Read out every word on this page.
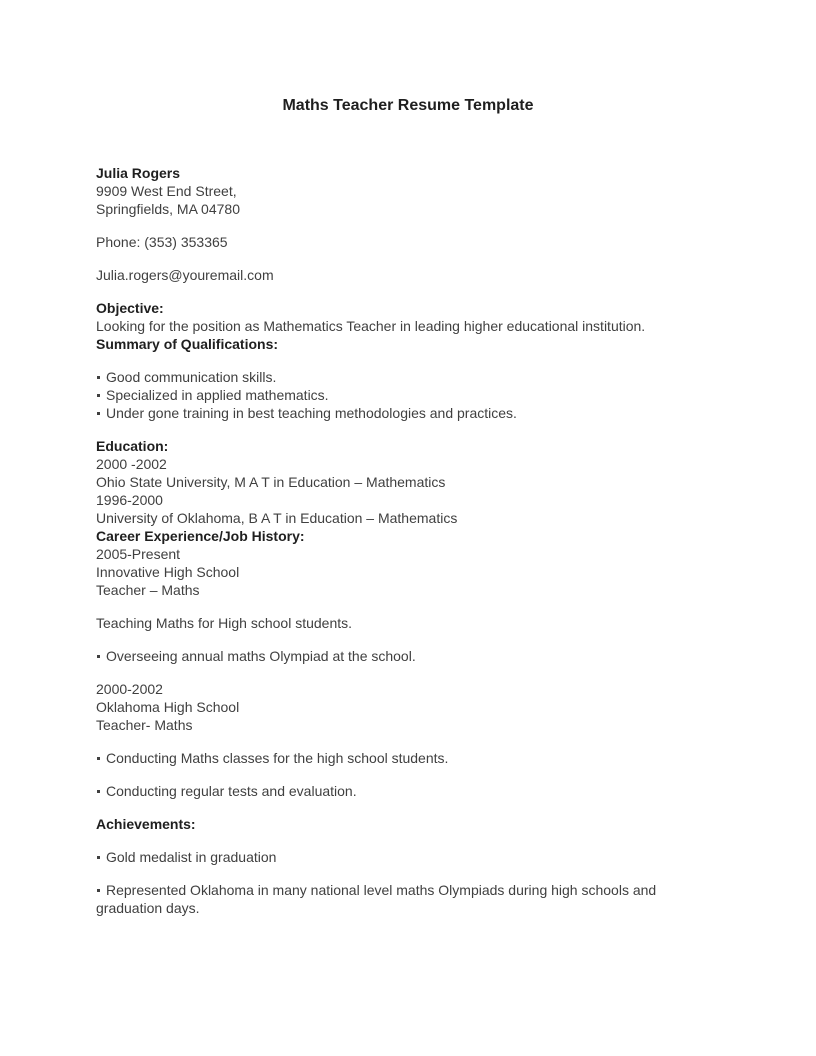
Maths Teacher Resume Template
Julia Rogers
9909 West End Street,
Springfields, MA 04780
Phone: (353) 353365
Julia.rogers@youremail.com
Objective:
Looking for the position as Mathematics Teacher in leading higher educational institution.
Summary of Qualifications:
Good communication skills.
Specialized in applied mathematics.
Under gone training in best teaching methodologies and practices.
Education:
2000 -2002
Ohio State University, M A T in Education – Mathematics
1996-2000
University of Oklahoma, B A T in Education – Mathematics
Career Experience/Job History:
2005-Present
Innovative High School
Teacher – Maths
Teaching Maths for High school students.
Overseeing annual maths Olympiad at the school.
2000-2002
Oklahoma High School
Teacher- Maths
Conducting Maths classes for the high school students.
Conducting regular tests and evaluation.
Achievements:
Gold medalist in graduation
Represented Oklahoma in many national level maths Olympiads during high schools and graduation days.
